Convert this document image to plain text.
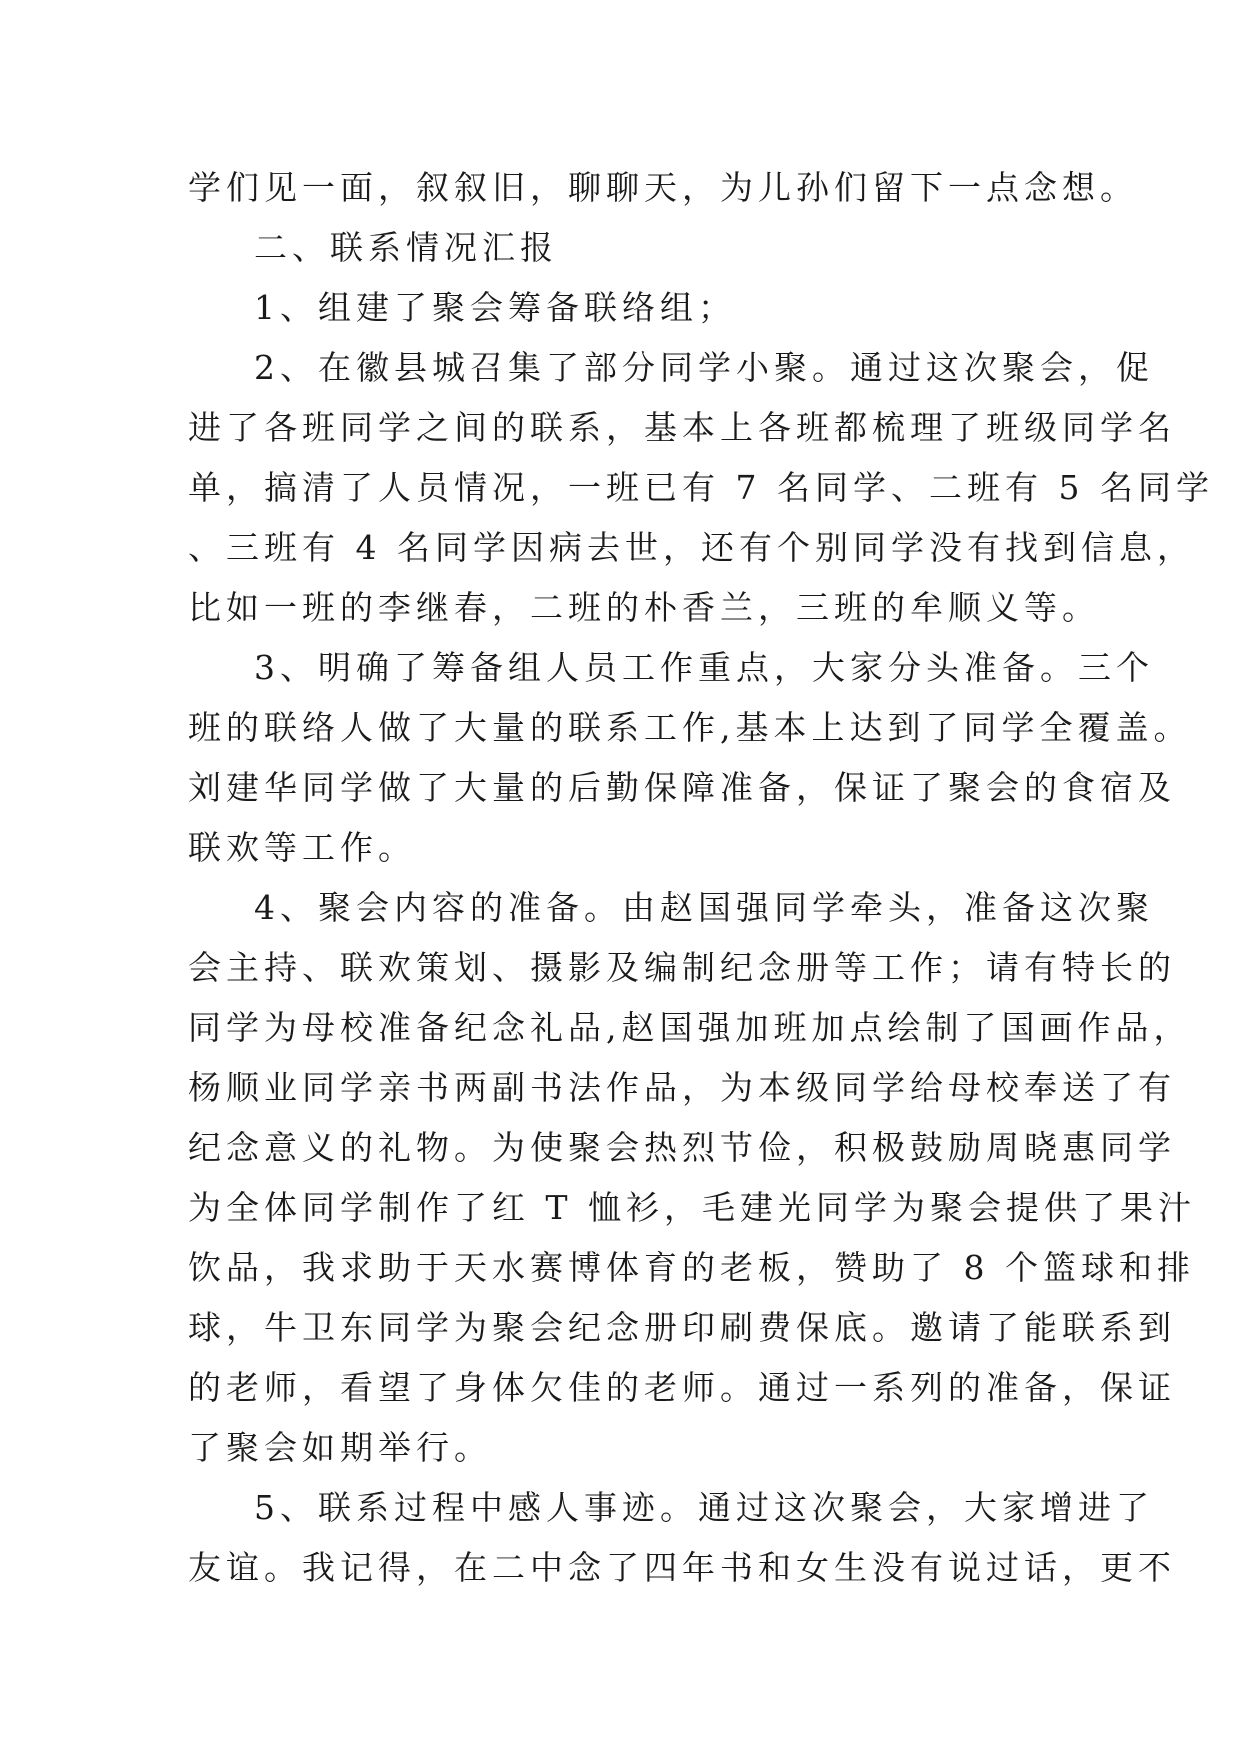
学们见一面，叙叙旧，聊聊天，为儿孙们留下一点念想。
二、联系情况汇报
1、组建了聚会筹备联络组；
2、在徽县城召集了部分同学小聚。通过这次聚会，促
进了各班同学之间的联系，基本上各班都梳理了班级同学名
单，搞清了人员情况，一班已有 7 名同学、二班有 5 名同学
、三班有 4 名同学因病去世，还有个别同学没有找到信息，
比如一班的李继春，二班的朴香兰，三班的牟顺义等。
3、明确了筹备组人员工作重点，大家分头准备。三个
班的联络人做了大量的联系工作,基本上达到了同学全覆盖。
刘建华同学做了大量的后勤保障准备，保证了聚会的食宿及
联欢等工作。
4、聚会内容的准备。由赵国强同学牵头，准备这次聚
会主持、联欢策划、摄影及编制纪念册等工作；请有特长的
同学为母校准备纪念礼品,赵国强加班加点绘制了国画作品，
杨顺业同学亲书两副书法作品，为本级同学给母校奉送了有
纪念意义的礼物。为使聚会热烈节俭，积极鼓励周晓惠同学
为全体同学制作了红 T 恤衫，毛建光同学为聚会提供了果汁
饮品，我求助于天水赛博体育的老板，赞助了 8 个篮球和排
球，牛卫东同学为聚会纪念册印刷费保底。邀请了能联系到
的老师，看望了身体欠佳的老师。通过一系列的准备，保证
了聚会如期举行。
5、联系过程中感人事迹。通过这次聚会，大家增进了
友谊。我记得，在二中念了四年书和女生没有说过话，更不
